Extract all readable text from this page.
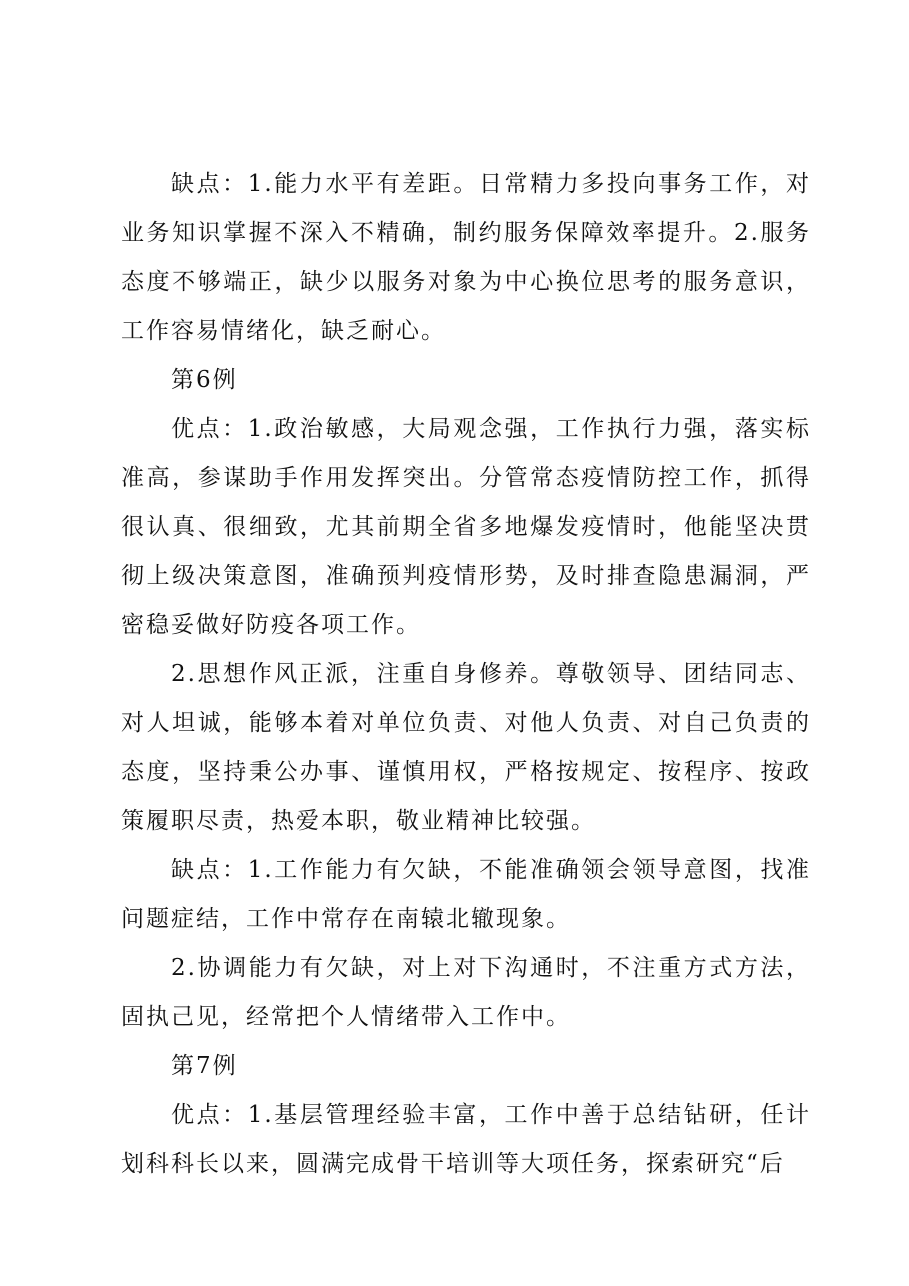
缺点：1.能力水平有差距。日常精力多投向事务工作，对业务知识掌握不深入不精确，制约服务保障效率提升。2.服务态度不够端正，缺少以服务对象为中心换位思考的服务意识，工作容易情绪化，缺乏耐心。

第6例

优点：1.政治敏感，大局观念强，工作执行力强，落实标准高，参谋助手作用发挥突出。分管常态疫情防控工作，抓得很认真、很细致，尤其前期全省多地爆发疫情时，他能坚决贯彻上级决策意图，准确预判疫情形势，及时排查隐患漏洞，严密稳妥做好防疫各项工作。

2.思想作风正派，注重自身修养。尊敬领导、团结同志、对人坦诚，能够本着对单位负责、对他人负责、对自己负责的态度，坚持秉公办事、谨慎用权，严格按规定、按程序、按政策履职尽责，热爱本职，敬业精神比较强。

缺点：1.工作能力有欠缺，不能准确领会领导意图，找准问题症结，工作中常存在南辕北辙现象。

2.协调能力有欠缺，对上对下沟通时，不注重方式方法，固执己见，经常把个人情绪带入工作中。

第7例

优点：1.基层管理经验丰富，工作中善于总结钻研，任计划科科长以来，圆满完成骨干培训等大项任务，探索研究“后
